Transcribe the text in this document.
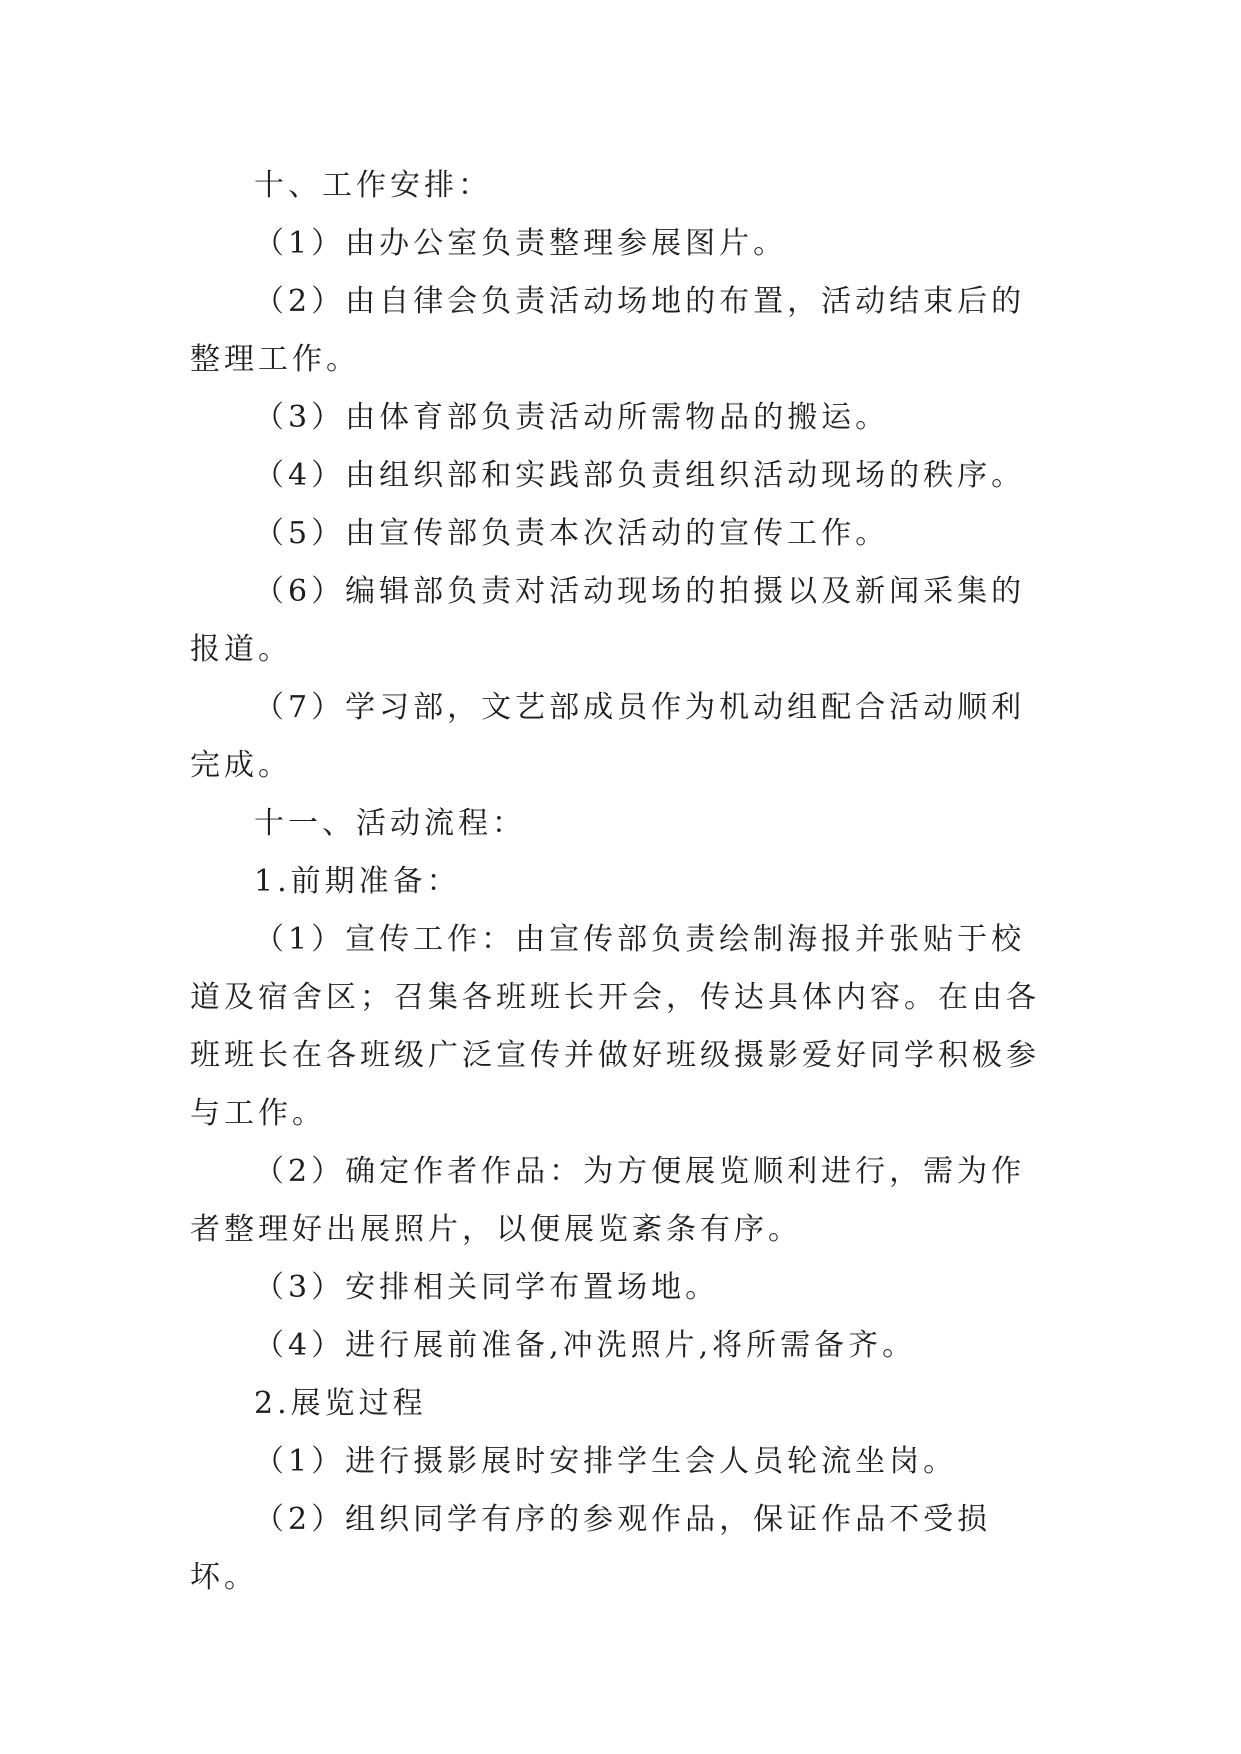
十、工作安排：

（1）由办公室负责整理参展图片。

（2）由自律会负责活动场地的布置，活动结束后的整理工作。

（3）由体育部负责活动所需物品的搬运。

（4）由组织部和实践部负责组织活动现场的秩序。

（5）由宣传部负责本次活动的宣传工作。

（6）编辑部负责对活动现场的拍摄以及新闻采集的报道。

（7）学习部，文艺部成员作为机动组配合活动顺利完成。

十一、活动流程：

1.前期准备：

（1）宣传工作：由宣传部负责绘制海报并张贴于校道及宿舍区；召集各班班长开会，传达具体内容。在由各班班长在各班级广泛宣传并做好班级摄影爱好同学积极参与工作。

（2）确定作者作品：为方便展览顺利进行，需为作者整理好出展照片，以便展览紊条有序。

（3）安排相关同学布置场地。

（4）进行展前准备,冲洗照片,将所需备齐。

2.展览过程

（1）进行摄影展时安排学生会人员轮流坐岗。

（2）组织同学有序的参观作品，保证作品不受损坏。
